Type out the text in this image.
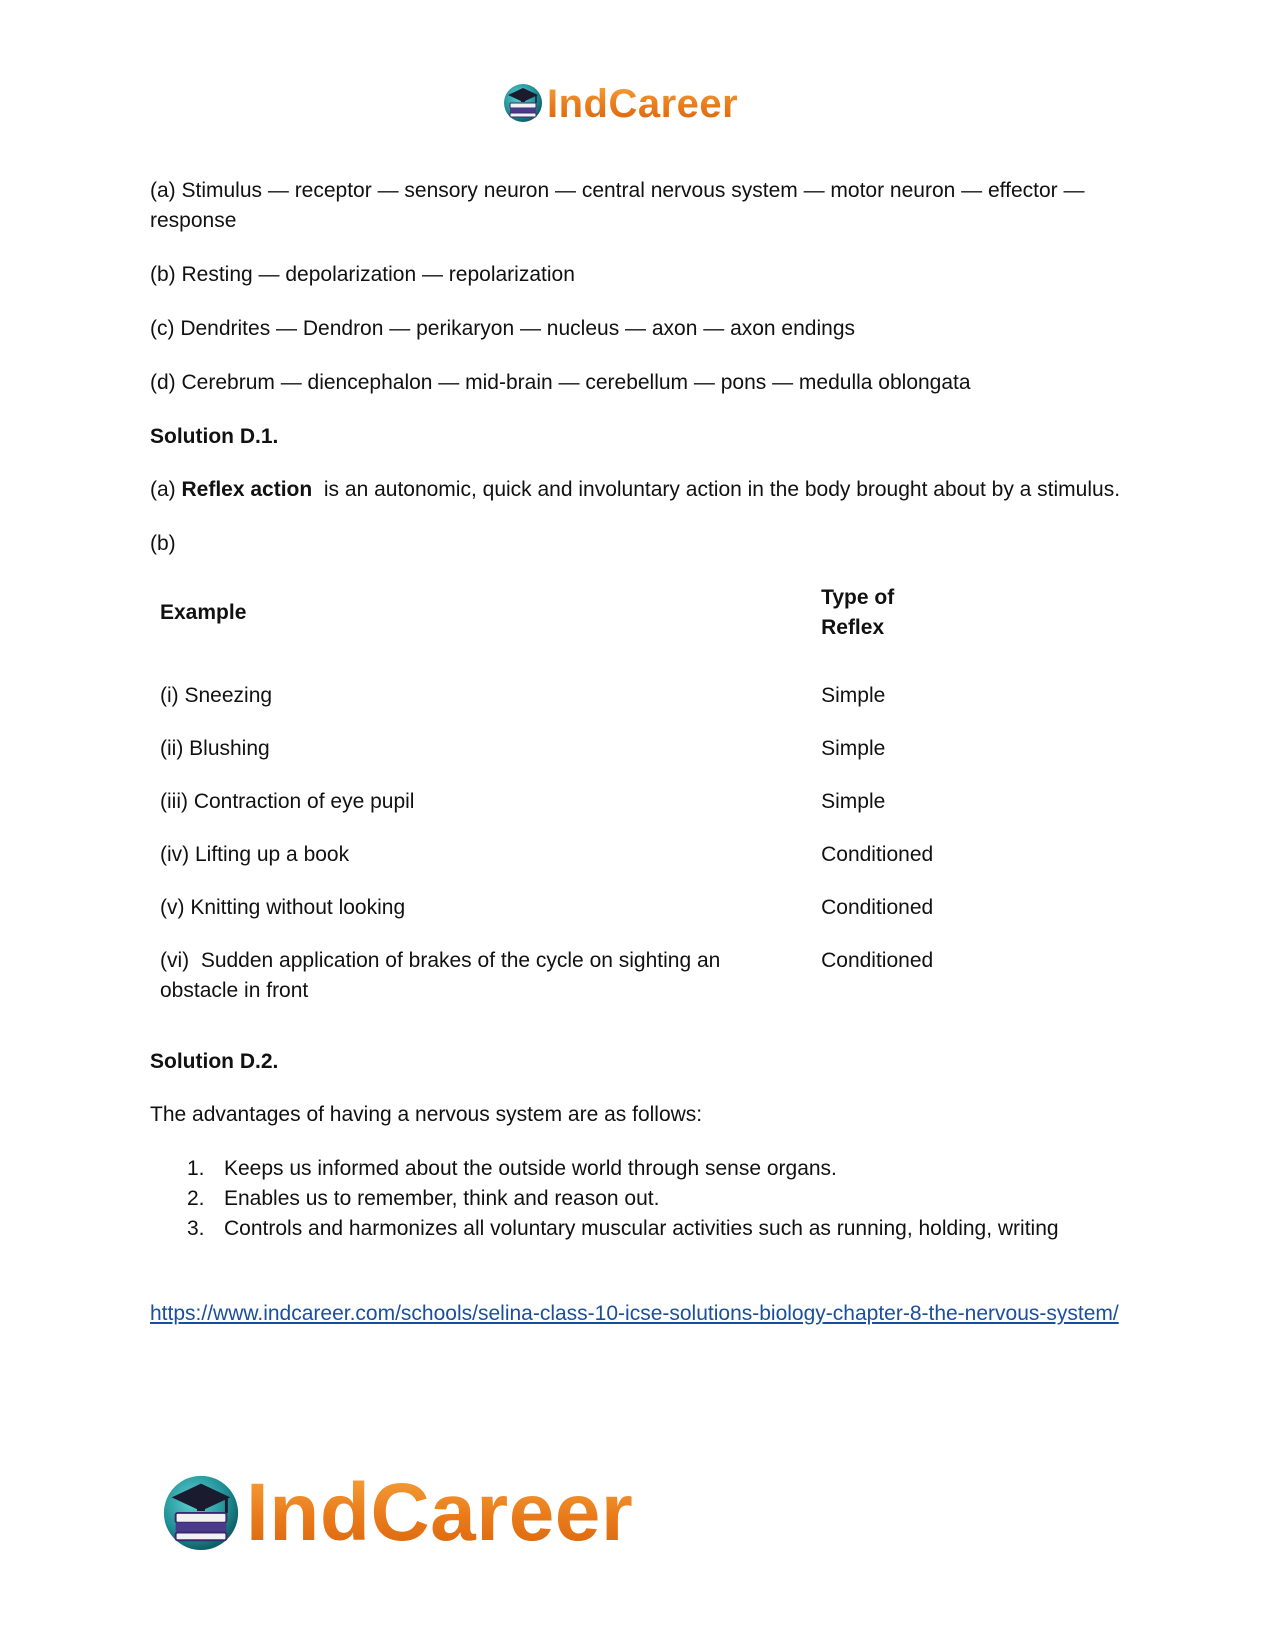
IndCareer

(a) Stimulus — receptor — sensory neuron — central nervous system — motor neuron — effector — response

(b) Resting — depolarization — repolarization

(c) Dendrites — Dendron — perikaryon — nucleus — axon — axon endings

(d) Cerebrum — diencephalon — mid-brain — cerebellum — pons — medulla oblongata

Solution D.1.

(a) Reflex action  is an autonomic, quick and involuntary action in the body brought about by a stimulus.

(b)

Example	Type of Reflex
(i) Sneezing	Simple
(ii) Blushing	Simple
(iii) Contraction of eye pupil	Simple
(iv) Lifting up a book	Conditioned
(v) Knitting without looking	Conditioned
(vi)  Sudden application of brakes of the cycle on sighting an obstacle in front	Conditioned

Solution D.2.

The advantages of having a nervous system are as follows:

1. Keeps us informed about the outside world through sense organs.
2. Enables us to remember, think and reason out.
3. Controls and harmonizes all voluntary muscular activities such as running, holding, writing
https://www.indcareer.com/schools/selina-class-10-icse-solutions-biology-chapter-8-the-nervous-system/
IndCareer
